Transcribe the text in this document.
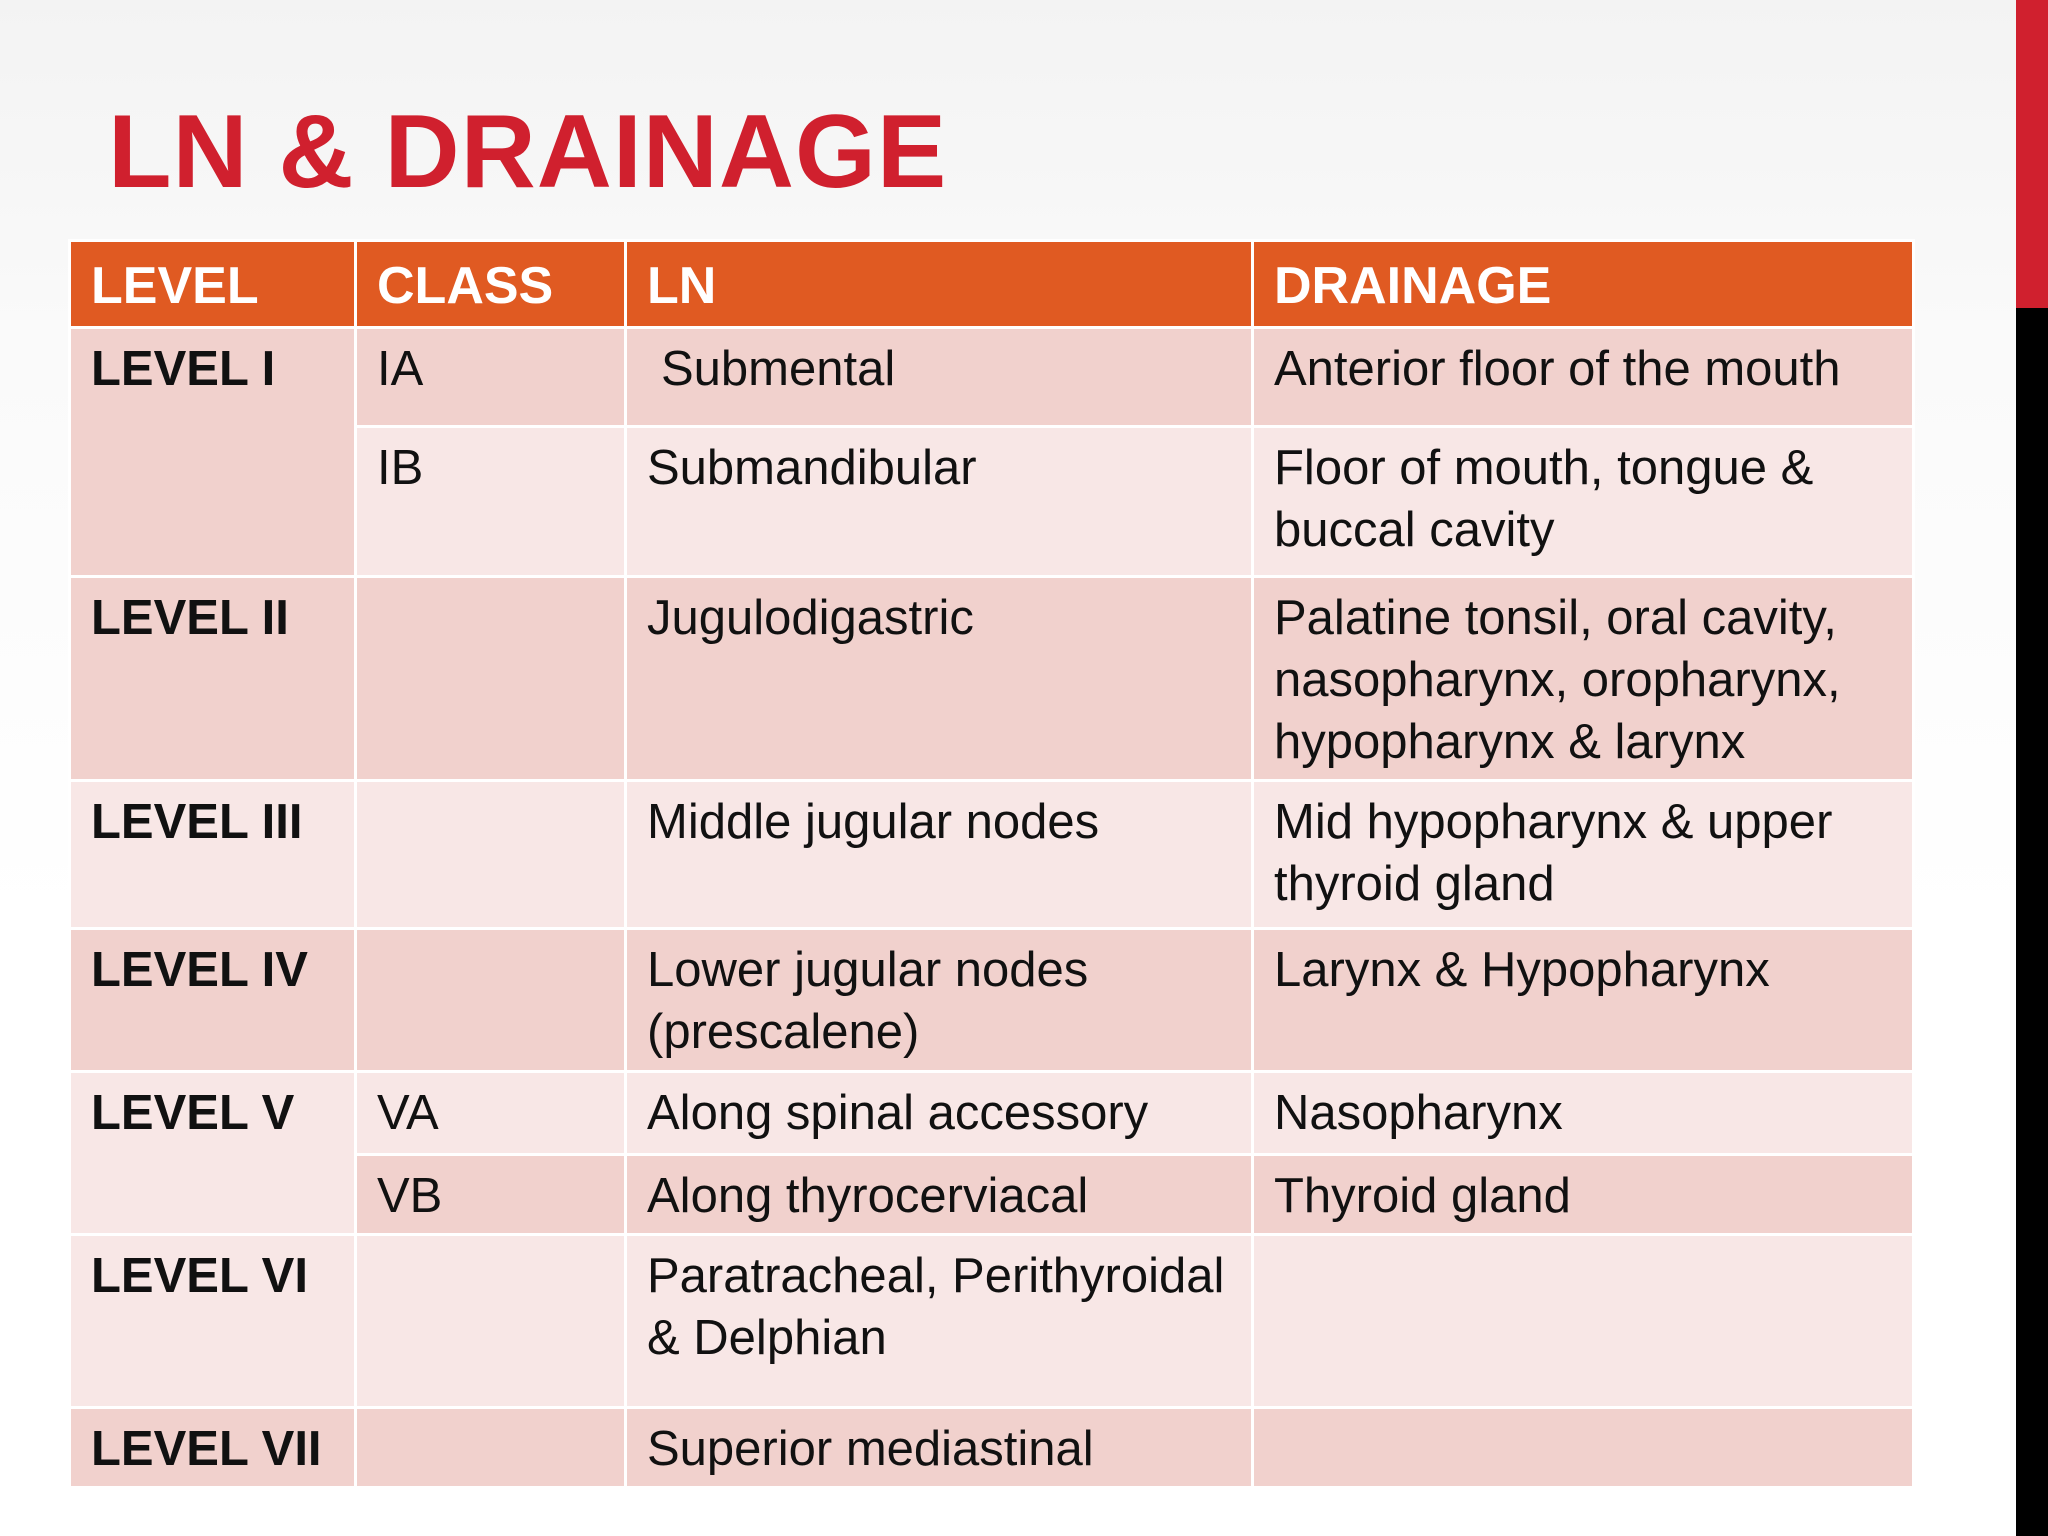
LN & DRAINAGE
LEVEL	CLASS	LN	DRAINAGE
LEVEL I	IA	Submental	Anterior floor of the mouth
	IB	Submandibular	Floor of mouth, tongue & buccal cavity
LEVEL II		Jugulodigastric	Palatine tonsil, oral cavity, nasopharynx, oropharynx, hypopharynx & larynx
LEVEL III		Middle jugular nodes	Mid hypopharynx & upper thyroid gland
LEVEL IV		Lower jugular nodes (prescalene)	Larynx & Hypopharynx
LEVEL V	VA	Along spinal accessory	Nasopharynx
	VB	Along thyrocerviacal	Thyroid gland
LEVEL VI		Paratracheal, Perithyroidal & Delphian	
LEVEL VII		Superior mediastinal	
